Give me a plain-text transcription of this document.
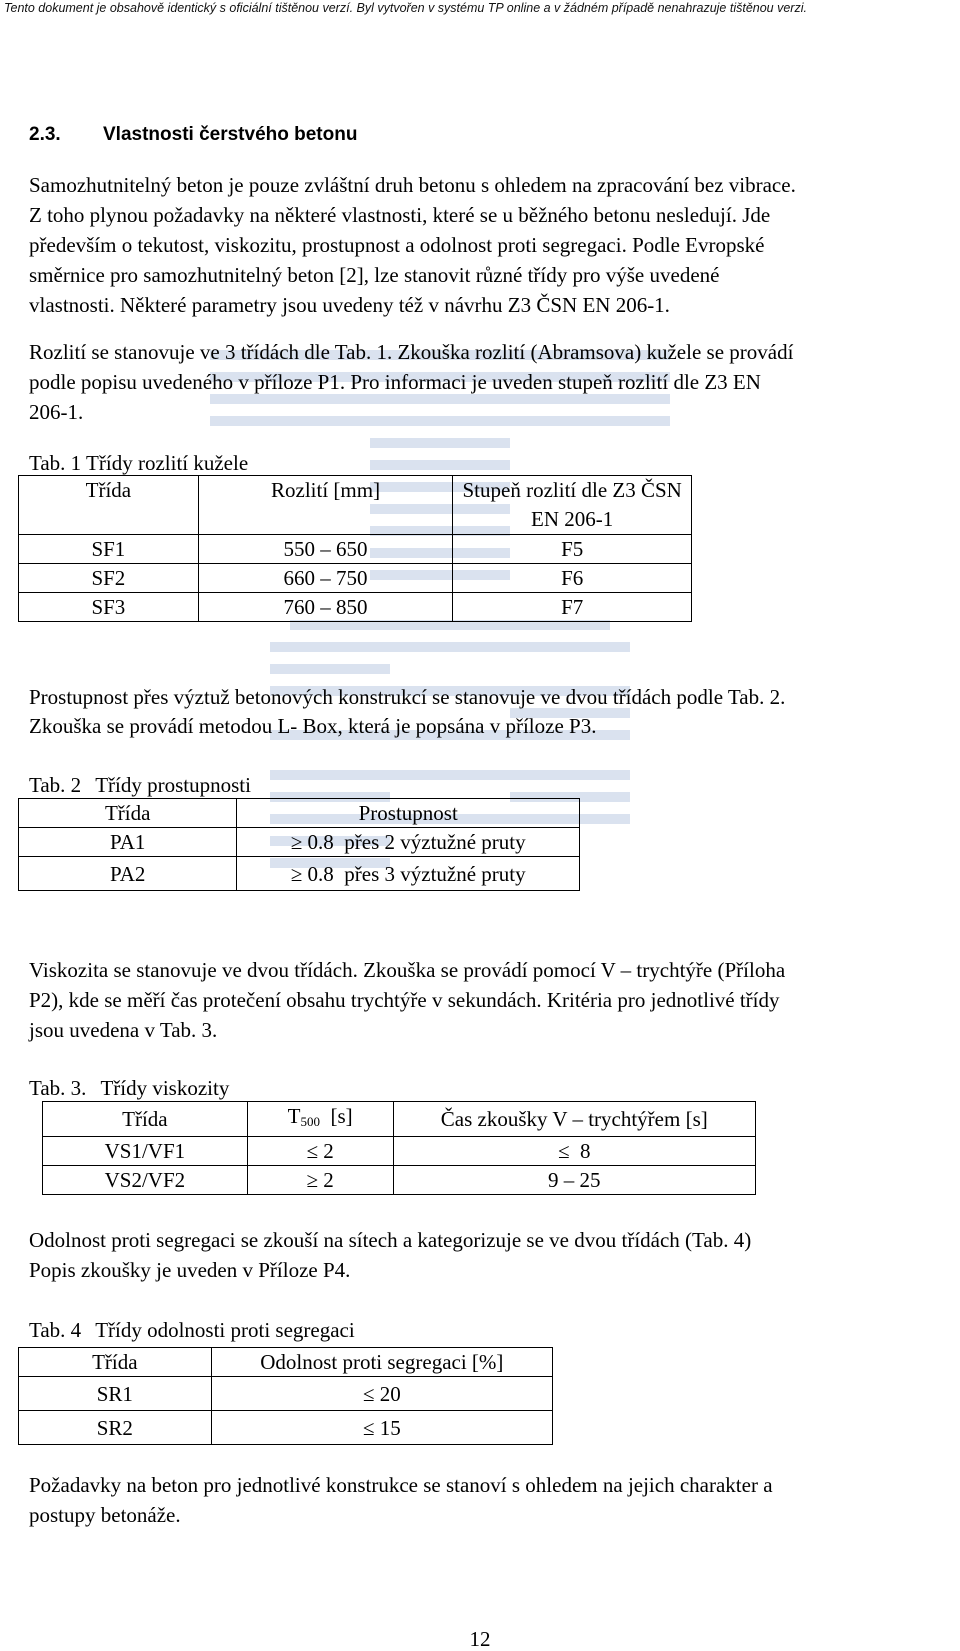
Tento dokument je obsahově identický s oficiální tištěnou verzí. Byl vytvořen v systému TP online a v žádném případě nenahrazuje tištěnou verzi.
2.3. Vlastnosti čerstvého betonu

Samozhutnitelný beton je pouze zvláštní druh betonu s ohledem na zpracování bez vibrace.
Z toho plynou požadavky na některé vlastnosti, které se u běžného betonu nesledují. Jde
především o tekutost, viskozitu, prostupnost a odolnost proti segregaci. Podle Evropské
směrnice pro samozhutnitelný beton [2], lze stanovit různé třídy pro výše uvedené
vlastnosti. Některé parametry jsou uvedeny též v návrhu Z3 ČSN EN 206-1.

Rozlití se stanovuje ve 3 třídách dle Tab. 1. Zkouška rozlití (Abramsova) kužele se provádí
podle popisu uvedeného v příloze P1. Pro informaci je uveden stupeň rozlití dle Z3 EN
206-1.

Tab. 1 Třídy rozlití kužele
Třída	Rozlití [mm]	Stupeň rozlití dle Z3 ČSN EN 206-1
SF1	550 – 650	F5
SF2	660 – 750	F6
SF3	760 – 850	F7

Prostupnost přes výztuž betonových konstrukcí se stanovuje ve dvou třídách podle Tab. 2.
Zkouška se provádí metodou L- Box, která je popsána v příloze P3.

Tab. 2 Třídy prostupnosti
Třída	Prostupnost
PA1	≥ 0.8  přes 2 výztužné pruty
PA2	≥ 0.8  přes 3 výztužné pruty

Viskozita se stanovuje ve dvou třídách. Zkouška se provádí pomocí V – trychtýře (Příloha
P2), kde se měří čas protečení obsahu trychtýře v sekundách. Kritéria pro jednotlivé třídy
jsou uvedena v Tab. 3.

Tab. 3. Třídy viskozity
Třída	$T_{500}$  [s]	Čas zkoušky V – trychtýřem [s]
VS1/VF1	≤ 2	≤  8
VS2/VF2	≥ 2	9 – 25

Odolnost proti segregaci se zkouší na sítech a kategorizuje se ve dvou třídách (Tab. 4)
Popis zkoušky je uveden v Příloze P4.

Tab. 4 Třídy odolnosti proti segregaci
Třída	Odolnost proti segregaci [%]
SR1	≤ 20
SR2	≤ 15

Požadavky na beton pro jednotlivé konstrukce se stanoví s ohledem na jejich charakter a
postupy betonáže.

12
